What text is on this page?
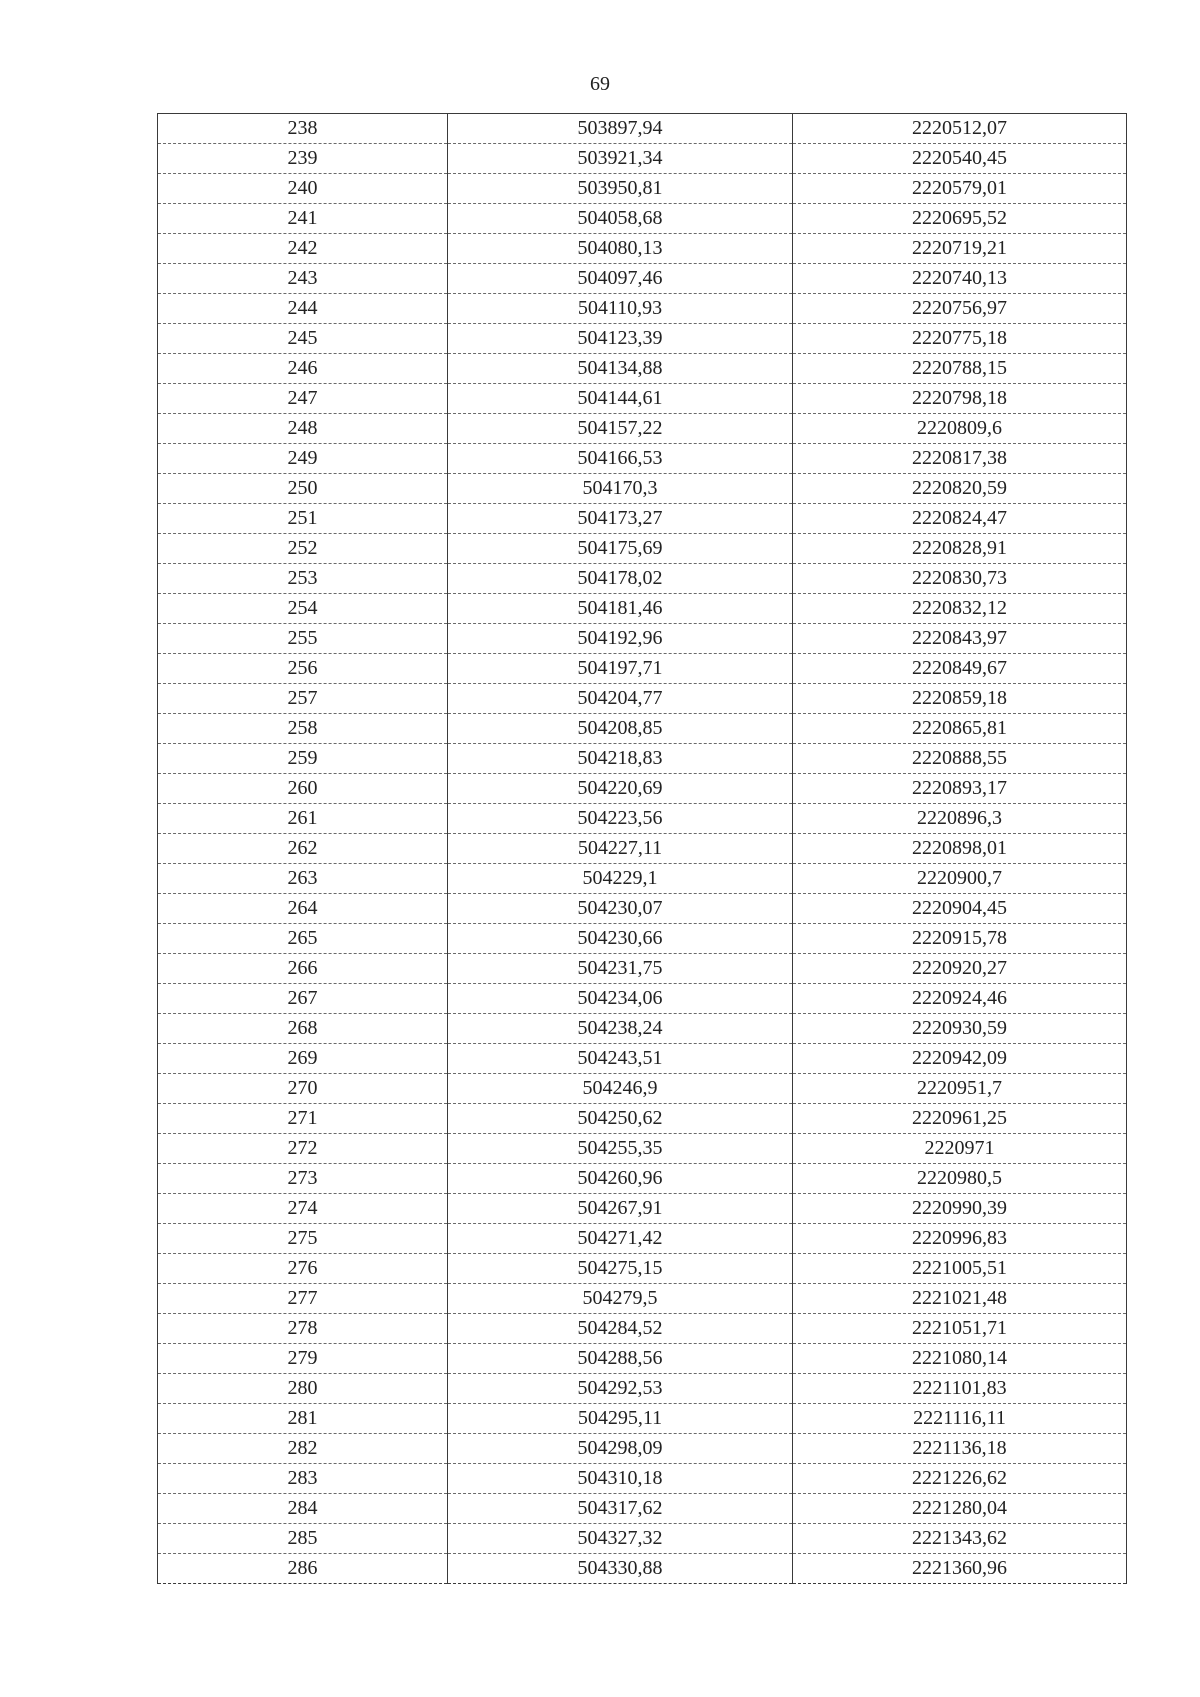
69
238	503897,94	2220512,07
239	503921,34	2220540,45
240	503950,81	2220579,01
241	504058,68	2220695,52
242	504080,13	2220719,21
243	504097,46	2220740,13
244	504110,93	2220756,97
245	504123,39	2220775,18
246	504134,88	2220788,15
247	504144,61	2220798,18
248	504157,22	2220809,6
249	504166,53	2220817,38
250	504170,3	2220820,59
251	504173,27	2220824,47
252	504175,69	2220828,91
253	504178,02	2220830,73
254	504181,46	2220832,12
255	504192,96	2220843,97
256	504197,71	2220849,67
257	504204,77	2220859,18
258	504208,85	2220865,81
259	504218,83	2220888,55
260	504220,69	2220893,17
261	504223,56	2220896,3
262	504227,11	2220898,01
263	504229,1	2220900,7
264	504230,07	2220904,45
265	504230,66	2220915,78
266	504231,75	2220920,27
267	504234,06	2220924,46
268	504238,24	2220930,59
269	504243,51	2220942,09
270	504246,9	2220951,7
271	504250,62	2220961,25
272	504255,35	2220971
273	504260,96	2220980,5
274	504267,91	2220990,39
275	504271,42	2220996,83
276	504275,15	2221005,51
277	504279,5	2221021,48
278	504284,52	2221051,71
279	504288,56	2221080,14
280	504292,53	2221101,83
281	504295,11	2221116,11
282	504298,09	2221136,18
283	504310,18	2221226,62
284	504317,62	2221280,04
285	504327,32	2221343,62
286	504330,88	2221360,96
